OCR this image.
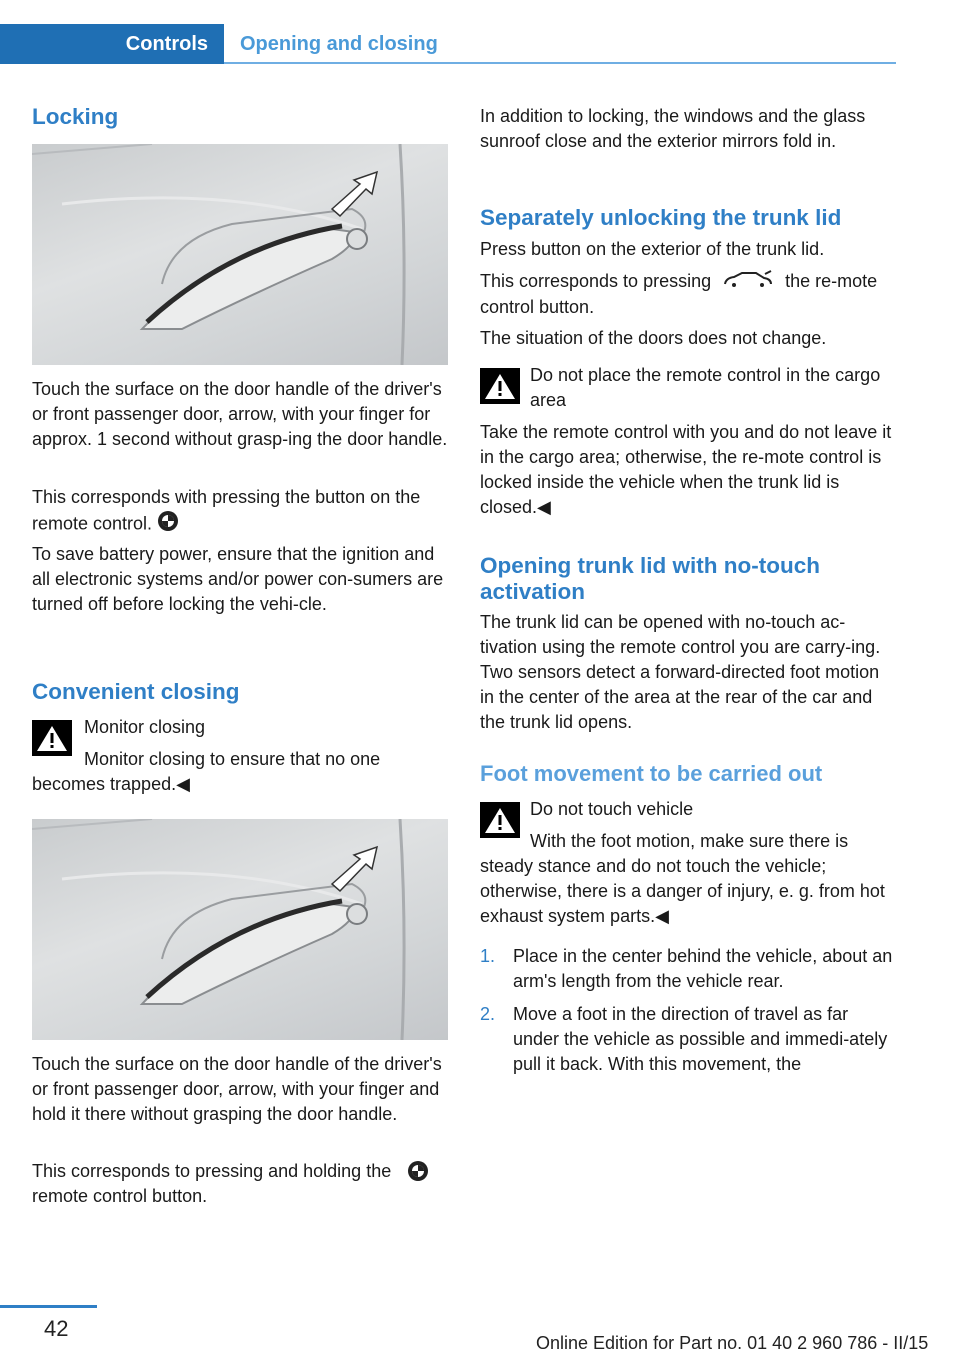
Controls	Opening and closing
Locking

Touch the surface on the door handle of the driver's or front passenger door, arrow, with your finger for approx. 1 second without grasp‐ing the door handle.

This corresponds with pressing the button on the remote control.

To save battery power, ensure that the ignition and all electronic systems and/or power con‐sumers are turned off before locking the vehi‐cle.

Convenient closing

Monitor closing

Monitor closing to ensure that no one becomes trapped.◀

Touch the surface on the door handle of the driver's or front passenger door, arrow, with your finger and hold it there without grasping the door handle.

This corresponds to pressing and holding the remote control button.

In addition to locking, the windows and the glass sunroof close and the exterior mirrors fold in.

Separately unlocking the trunk lid

Press button on the exterior of the trunk lid.

This corresponds to pressing	the re‐mote control button.

The situation of the doors does not change.

Do not place the remote control in the cargo area

Take the remote control with you and do not leave it in the cargo area; otherwise, the re‐mote control is locked inside the vehicle when the trunk lid is closed.◀

Opening trunk lid with no-touch activation

The trunk lid can be opened with no-touch ac‐tivation using the remote control you are carry‐ing. Two sensors detect a forward-directed foot motion in the center of the area at the rear of the car and the trunk lid opens.

Foot movement to be carried out

Do not touch vehicle

With the foot motion, make sure there is steady stance and do not touch the vehicle; otherwise, there is a danger of injury, e. g. from hot exhaust system parts.◀

1. Place in the center behind the vehicle, about an arm's length from the vehicle rear.

2. Move a foot in the direction of travel as far under the vehicle as possible and immedi‐ately pull it back. With this movement, the

42
Online Edition for Part no. 01 40 2 960 786 - II/15
